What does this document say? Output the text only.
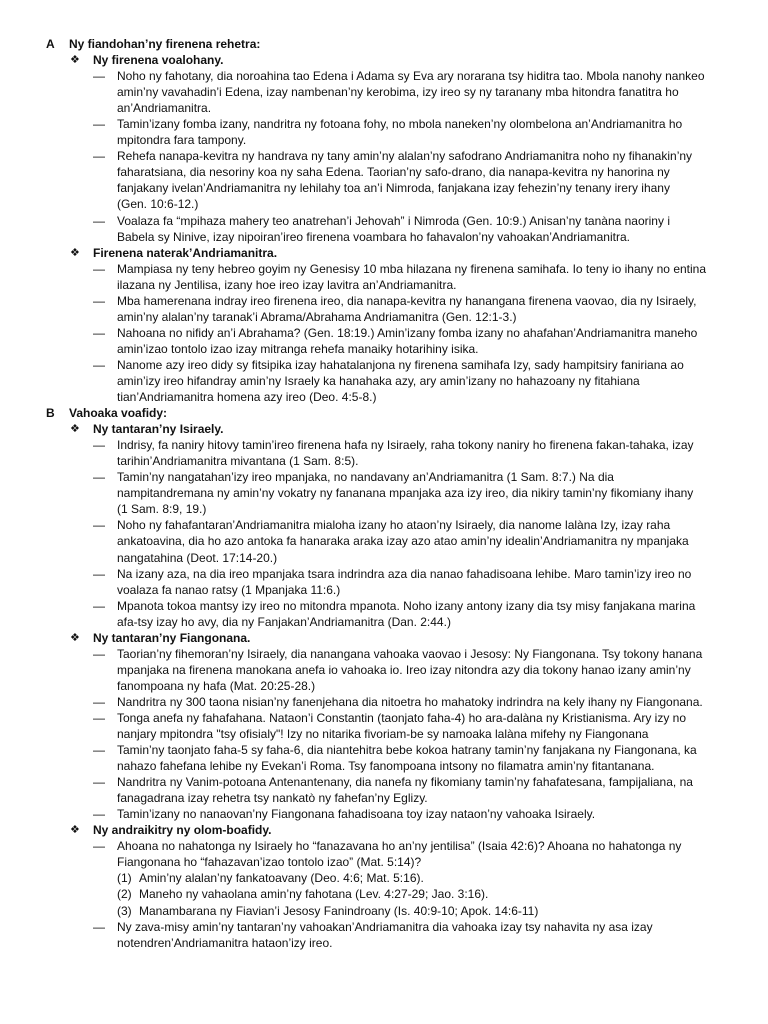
A Ny fiandohan’ny firenena rehetra:
❖ Ny firenena voalohany.
— Noho ny fahotany, dia noroahina tao Edena i Adama sy Eva ary norarana tsy hiditra tao. Mbola nanohy nankeo
amin’ny vavahadin’i Edena, izay nambenan’ny kerobima, izy ireo sy ny taranany mba hitondra fanatitra ho
an’Andriamanitra.
— Tamin’izany fomba izany, nandritra ny fotoana fohy, no mbola naneken’ny olombelona an’Andriamanitra ho
mpitondra fara tampony.
— Rehefa nanapa-kevitra ny handrava ny tany amin’ny alalan’ny safodrano Andriamanitra noho ny fihanakin’ny
faharatsiana, dia nesoriny koa ny saha Edena. Taorian’ny safo-drano, dia nanapa-kevitra ny hanorina ny
fanjakany ivelan’Andriamanitra ny lehilahy toa an’i Nimroda, fanjakana izay fehezin’ny tenany irery ihany
(Gen. 10:6-12.)
— Voalaza fa “mpihaza mahery teo anatrehan’i Jehovah” i Nimroda (Gen. 10:9.) Anisan’ny tanàna naoriny i
Babela sy Ninive, izay nipoiran’ireo firenena voambara ho fahavalon’ny vahoakan’Andriamanitra.
❖ Firenena naterak’Andriamanitra.
— Mampiasa ny teny hebreo goyim ny Genesisy 10 mba hilazana ny firenena samihafa. Io teny io ihany no entina
ilazana ny Jentilisa, izany hoe ireo izay lavitra an’Andriamanitra.
— Mba hamerenana indray ireo firenena ireo, dia nanapa-kevitra ny hanangana firenena vaovao, dia ny Isiraely,
amin’ny alalan’ny taranak’i Abrama/Abrahama Andriamanitra (Gen. 12:1-3.)
— Nahoana no nifidy an’i Abrahama? (Gen. 18:19.) Amin’izany fomba izany no ahafahan’Andriamanitra maneho
amin’izao tontolo izao izay mitranga rehefa manaiky hotarihiny isika.
— Nanome azy ireo didy sy fitsipika izay hahatalanjona ny firenena samihafa Izy, sady hampitsiry faniriana ao
amin’izy ireo hifandray amin’ny Israely ka hanahaka azy, ary amin’izany no hahazoany ny fitahiana
tian’Andriamanitra homena azy ireo (Deo. 4:5-8.)
B Vahoaka voafidy:
❖ Ny tantaran’ny Isiraely.
— Indrisy, fa naniry hitovy tamin’ireo firenena hafa ny Isiraely, raha tokony naniry ho firenena fakan-tahaka, izay
tarihin’Andriamanitra mivantana (1 Sam. 8:5).
— Tamin’ny nangatahan’izy ireo mpanjaka, no nandavany an’Andriamanitra (1 Sam. 8:7.) Na dia
nampitandremana ny amin’ny vokatry ny fananana mpanjaka aza izy ireo, dia nikiry tamin’ny fikomiany ihany
(1 Sam. 8:9, 19.)
— Noho ny fahafantaran’Andriamanitra mialoha izany ho ataon’ny Isiraely, dia nanome lalàna Izy, izay raha
ankatoavina, dia ho azo antoka fa hanaraka araka izay azo atao amin’ny idealin’Andriamanitra ny mpanjaka
nangatahina (Deot. 17:14-20.)
— Na izany aza, na dia ireo mpanjaka tsara indrindra aza dia nanao fahadisoana lehibe. Maro tamin’izy ireo no
voalaza fa nanao ratsy (1 Mpanjaka 11:6.)
— Mpanota tokoa mantsy izy ireo no mitondra mpanota. Noho izany antony izany dia tsy misy fanjakana marina
afa-tsy izay ho avy, dia ny Fanjakan’Andriamanitra (Dan. 2:44.)
❖ Ny tantaran’ny Fiangonana.
— Taorian’ny fihemoran’ny Isiraely, dia nanangana vahoaka vaovao i Jesosy: Ny Fiangonana. Tsy tokony hanana
mpanjaka na firenena manokana anefa io vahoaka io. Ireo izay nitondra azy dia tokony hanao izany amin’ny
fanompoana ny hafa (Mat. 20:25-28.)
— Nandritra ny 300 taona nisian’ny fanenjehana dia nitoetra ho mahatoky indrindra na kely ihany ny Fiangonana.
— Tonga anefa ny fahafahana. Nataon’i Constantin (taonjato faha-4) ho ara-dalàna ny Kristianisma. Ary izy no
nanjary mpitondra "tsy ofisialy"! Izy no nitarika fivoriam-be sy namoaka lalàna mifehy ny Fiangonana
— Tamin’ny taonjato faha-5 sy faha-6, dia niantehitra bebe kokoa hatrany tamin’ny fanjakana ny Fiangonana, ka
nahazo fahefana lehibe ny Evekan’i Roma. Tsy fanompoana intsony no filamatra amin’ny fitantanana.
— Nandritra ny Vanim-potoana Antenantenany, dia nanefa ny fikomiany tamin’ny fahafatesana, fampijaliana, na
fanagadrana izay rehetra tsy nankatò ny fahefan’ny Eglizy.
— Tamin’izany no nanaovan’ny Fiangonana fahadisoana toy izay nataon’ny vahoaka Isiraely.
❖ Ny andraikitry ny olom-boafidy.
— Ahoana no nahatonga ny Isiraely ho “fanazavana ho an’ny jentilisa” (Isaia 42:6)? Ahoana no hahatonga ny
Fiangonana ho “fahazavan’izao tontolo izao” (Mat. 5:14)?
(1) Amin’ny alalan’ny fankatoavany (Deo. 4:6; Mat. 5:16).
(2) Maneho ny vahaolana amin’ny fahotana (Lev. 4:27-29; Jao. 3:16).
(3) Manambarana ny Fiavian’i Jesosy Fanindroany (Is. 40:9-10; Apok. 14:6-11)
— Ny zava-misy amin’ny tantaran’ny vahoakan’Andriamanitra dia vahoaka izay tsy nahavita ny asa izay
notendren’Andriamanitra hataon’izy ireo.
